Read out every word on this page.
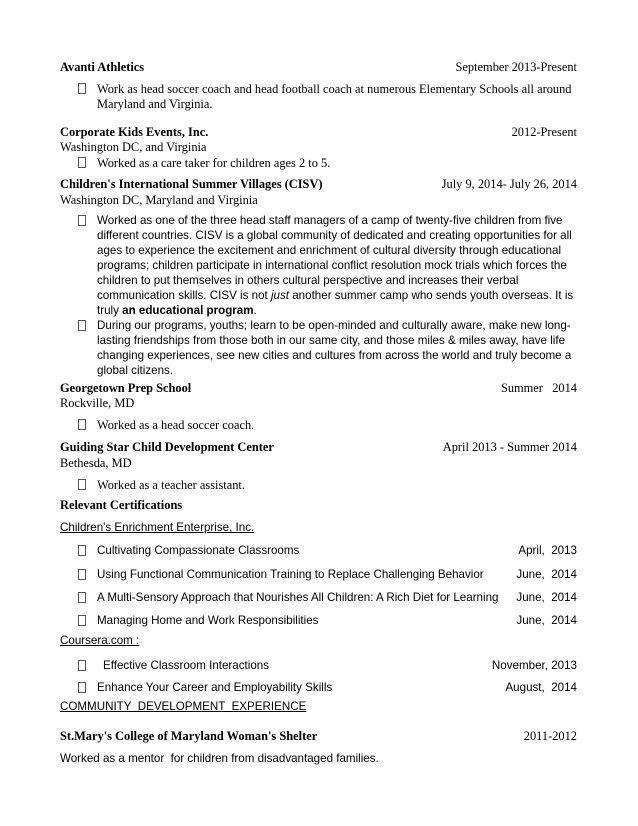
Avanti Athletics	September 2013-Present
Work as head soccer coach and head football coach at numerous Elementary Schools all around
Maryland and Virginia.
Corporate Kids Events, Inc.	2012-Present
Washington DC, and Virginia
Worked as a care taker for children ages 2 to 5.
Children's International Summer Villages (CISV)	July 9, 2014- July 26, 2014
Washington DC, Maryland and Virginia
Worked as one of the three head staff managers of a camp of twenty-five children from five
different countries. CISV is a global community of dedicated and creating opportunities for all
ages to experience the excitement and enrichment of cultural diversity through educational
programs; children participate in international conflict resolution mock trials which forces the
children to put themselves in others cultural perspective and increases their verbal
communication skills. CISV is not just another summer camp who sends youth overseas. It is
truly an educational program.
During our programs, youths; learn to be open-minded and culturally aware, make new long-
lasting friendships from those both in our same city, and those miles & miles away, have life
changing experiences, see new cities and cultures from across the world and truly become a
global citizens.
Georgetown Prep School	Summer   2014
Rockville, MD
Worked as a head soccer coach.
Guiding Star Child Development Center	April 2013 - Summer 2014
Bethesda, MD
Worked as a teacher assistant.
Relevant Certifications
Children's Enrichment Enterprise, Inc.
Cultivating Compassionate Classrooms	April,  2013
Using Functional Communication Training to Replace Challenging Behavior	June,  2014
A Multi-Sensory Approach that Nourishes All Children: A Rich Diet for Learning June,  2014
Managing Home and Work Responsibilities	June,  2014
Coursera.com :
Effective Classroom Interactions	November, 2013
Enhance Your Career and Employability Skills	August,  2014
COMMUNITY  DEVELOPMENT  EXPERIENCE
St.Mary's College of Maryland Woman's Shelter	2011-2012
Worked as a mentor  for children from disadvantaged families.
